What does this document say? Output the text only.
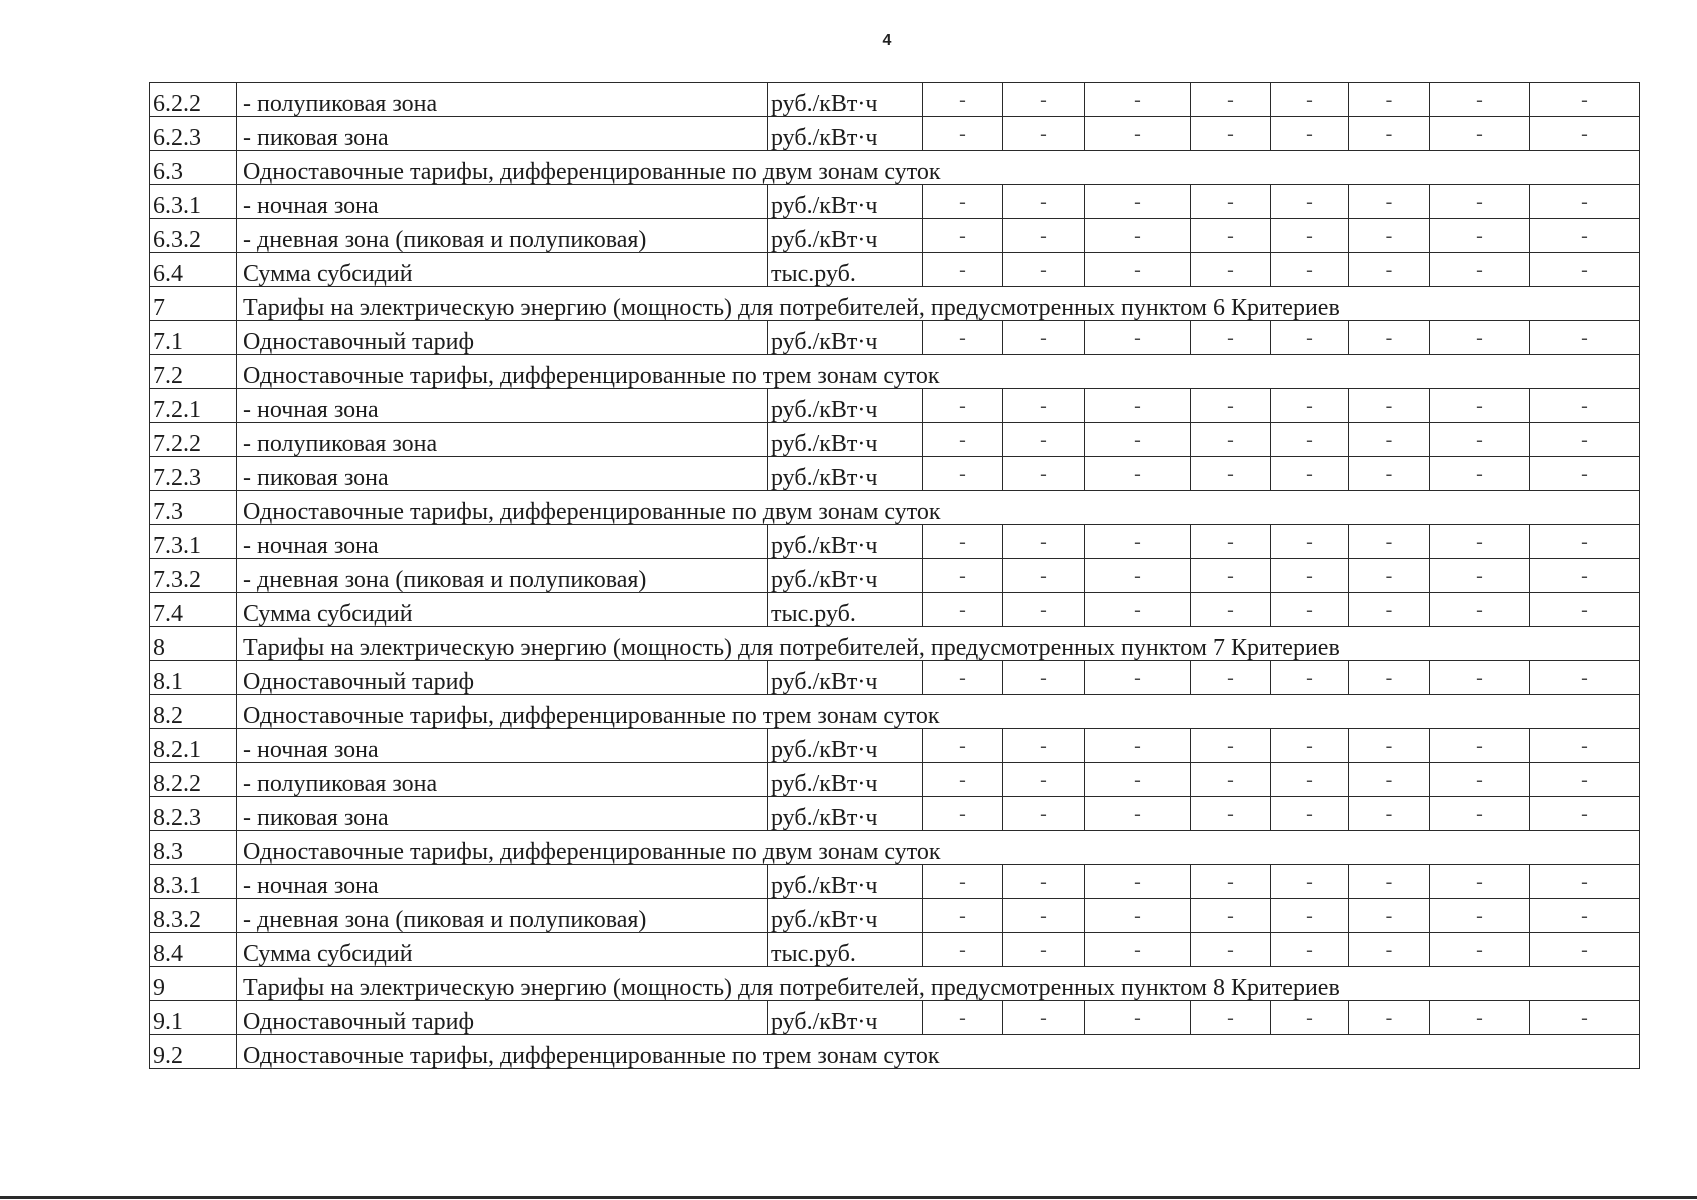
4
6.2.2	- полупиковая зона	руб./кВт·ч	-	-	-	-	-	-	-	-
6.2.3	- пиковая зона	руб./кВт·ч	-	-	-	-	-	-	-	-
6.3	Одноставочные тарифы, дифференцированные по двум зонам суток									
6.3.1	- ночная зона	руб./кВт·ч	-	-	-	-	-	-	-	-
6.3.2	- дневная зона (пиковая и полупиковая)	руб./кВт·ч	-	-	-	-	-	-	-	-
6.4	Сумма субсидий	тыс.руб.	-	-	-	-	-	-	-	-
7	Тарифы на электрическую энергию (мощность) для потребителей, предусмотренных пунктом 6 Критериев									
7.1	Одноставочный тариф	руб./кВт·ч	-	-	-	-	-	-	-	-
7.2	Одноставочные тарифы, дифференцированные по трем зонам суток									
7.2.1	- ночная зона	руб./кВт·ч	-	-	-	-	-	-	-	-
7.2.2	- полупиковая зона	руб./кВт·ч	-	-	-	-	-	-	-	-
7.2.3	- пиковая зона	руб./кВт·ч	-	-	-	-	-	-	-	-
7.3	Одноставочные тарифы, дифференцированные по двум зонам суток									
7.3.1	- ночная зона	руб./кВт·ч	-	-	-	-	-	-	-	-
7.3.2	- дневная зона (пиковая и полупиковая)	руб./кВт·ч	-	-	-	-	-	-	-	-
7.4	Сумма субсидий	тыс.руб.	-	-	-	-	-	-	-	-
8	Тарифы на электрическую энергию (мощность) для потребителей, предусмотренных пунктом 7 Критериев									
8.1	Одноставочный тариф	руб./кВт·ч	-	-	-	-	-	-	-	-
8.2	Одноставочные тарифы, дифференцированные по трем зонам суток									
8.2.1	- ночная зона	руб./кВт·ч	-	-	-	-	-	-	-	-
8.2.2	- полупиковая зона	руб./кВт·ч	-	-	-	-	-	-	-	-
8.2.3	- пиковая зона	руб./кВт·ч	-	-	-	-	-	-	-	-
8.3	Одноставочные тарифы, дифференцированные по двум зонам суток									
8.3.1	- ночная зона	руб./кВт·ч	-	-	-	-	-	-	-	-
8.3.2	- дневная зона (пиковая и полупиковая)	руб./кВт·ч	-	-	-	-	-	-	-	-
8.4	Сумма субсидий	тыс.руб.	-	-	-	-	-	-	-	-
9	Тарифы на электрическую энергию (мощность) для потребителей, предусмотренных пунктом 8 Критериев									
9.1	Одноставочный тариф	руб./кВт·ч	-	-	-	-	-	-	-	-
9.2	Одноставочные тарифы, дифференцированные по трем зонам суток									
